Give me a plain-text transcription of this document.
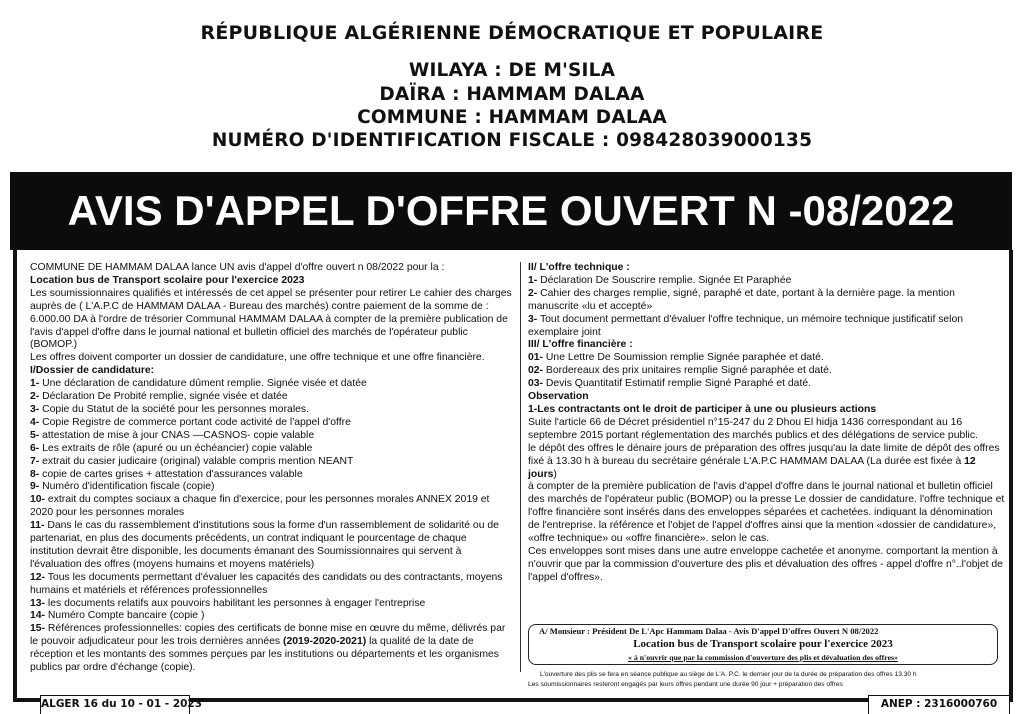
RÉPUBLIQUE ALGÉRIENNE DÉMOCRATIQUE ET POPULAIRE
WILAYA : DE M'SILA
DAÏRA : HAMMAM DALAA
COMMUNE : HAMMAM DALAA
NUMÉRO D'IDENTIFICATION FISCALE : 098428039000135
AVIS D'APPEL D'OFFRE OUVERT N -08/2022
COMMUNE DE HAMMAM DALAA lance UN avis d'appel d'offre ouvert n 08/2022 pour la :
Location bus de Transport scolaire pour l'exercice 2023
Les soumissionnaires qualifiés et intéressés de cet appel se présenter pour retirer Le cahier des charges auprès de ( L'A.P.C de HAMMAM DALAA - Bureau des marchés) contre paiement de la somme de : 6.000.00 DA à l'ordre de trésorier Communal HAMMAM DALAA à compter de la première publication de l'avis d'appel d'offre dans le journal national et bulletin officiel des marchés de l'opérateur public (BOMOP.)
Les offres doivent comporter un dossier de candidature, une offre technique et une offre financière.
I/Dossier de candidature:
1- Une déclaration de candidature dûment remplie. Signée visée et datée
2- Déclaration De Probité remplie, signée visée et datée
3- Copie du Statut de la société pour les personnes morales.
4- Copie Registre de commerce portant code activité de l'appel d'offre
5- attestation de mise à jour CNAS —CASNOS- copie valable
6- Les extraits de rôle (apuré ou un échéancier) copie valable
7- extrait du casier judicaire (original) valable compris mention NEANT
8- copie de cartes grises + attestation d'assurances valable
9- Numéro d'identification fiscale (copie)
10- extrait du comptes sociaux a chaque fin d'exercice, pour les personnes morales ANNEX 2019 et 2020 pour les personnes morales
11- Dans le cas du rassemblement d'institutions sous la forme d'un rassemblement de solidarité ou de partenariat, en plus des documents précédents, un contrat indiquant le pourcentage de chaque institution devrait être disponible, les documents émanant des Soumissionnaires qui servent à l'évaluation des offres (moyens humains et moyens matériels)
12- Tous les documents permettant d'évaluer les capacités des candidats ou des contractants, moyens humains et matériels et références professionnelles
13- les documents relatifs aux pouvoirs habilitant les personnes à engager l'entreprise
14- Numéro Compte bancaire (copie )
15- Références professionnelles: copies des certificats de bonne mise en œuvre du même, délivrés par le pouvoir adjudicateur pour les trois dernières années (2019-2020-2021) la qualité de la date de réception et les montants des sommes perçues par les institutions ou départements et les organismes publics par ordre d'échange (copie).
II/ L'offre technique :
1- Déclaration De Souscrire remplie. Signée Et Paraphée
2- Cahier des charges remplie, signé, paraphé et date, portant à la dernière page. la mention manuscrite «lu et accepté»
3- Tout document permettant d'évaluer l'offre technique, un mémoire technique justificatif selon exemplaire joint
III/ L'offre financière :
01- Une Lettre De Soumission remplie Signée paraphée et daté.
02- Bordereaux des prix unitaires remplie Signé paraphée et daté.
03- Devis Quantitatif Estimatif remplie Signé Paraphé et daté.
Observation
1-Les contractants ont le droit de participer à une ou plusieurs actions
Suite l'article 66 de Décret présidentiel n°15-247 du 2 Dhou El hidja 1436 correspondant au 16 septembre 2015 portant réglementation des marchés publics et des délégations de service public.
le dépôt des offres le dénaire jours de préparation des offres jusqu'au la date limite de dépôt des offres fixé à 13.30 h à bureau du secrétaire générale L'A.P.C HAMMAM DALAA (La durée est fixée à 12 jours)
à compter de la première publication de l'avis d'appel d'offre dans le journal national et bulletin officiel des marchés de l'opérateur public (BOMOP) ou la presse Le dossier de candidature. l'offre technique et l'offre financière sont insérés dans des enveloppes séparées et cachetées. indiquant la dénomination de l'entreprise. la référence et l'objet de l'appel d'offres ainsi que la mention «dossier de candidature», «offre technique» ou «offre financière». selon le cas.
Ces enveloppes sont mises dans une autre enveloppe cachetée et anonyme. comportant la mention à n'ouvrir que par la commission d'ouverture des plis et dévaluation des offres - appel d'offre n°..l'objet de l'appel d'offres».
A/ Monsieur : Président De L'Apc Hammam Dalaa - Avis D'appel D'offres Ouvert N 08/2022
Location bus de Transport scolaire pour l'exercice 2023
« à n'ouvrir que par la commission d'ouverture des plis et dévaluation des offres»
L'ouverture des plis se fera en séance publique au siège de L'A. P.C. le dernier jour de la durée de préparation des offres 13.30 h
Les soumissionnaires resteront engagés par leurs offres pendant une durée 90 jour + préparation des offres
ALGER 16 du 10 - 01 - 2023	ANEP : 2316000760
